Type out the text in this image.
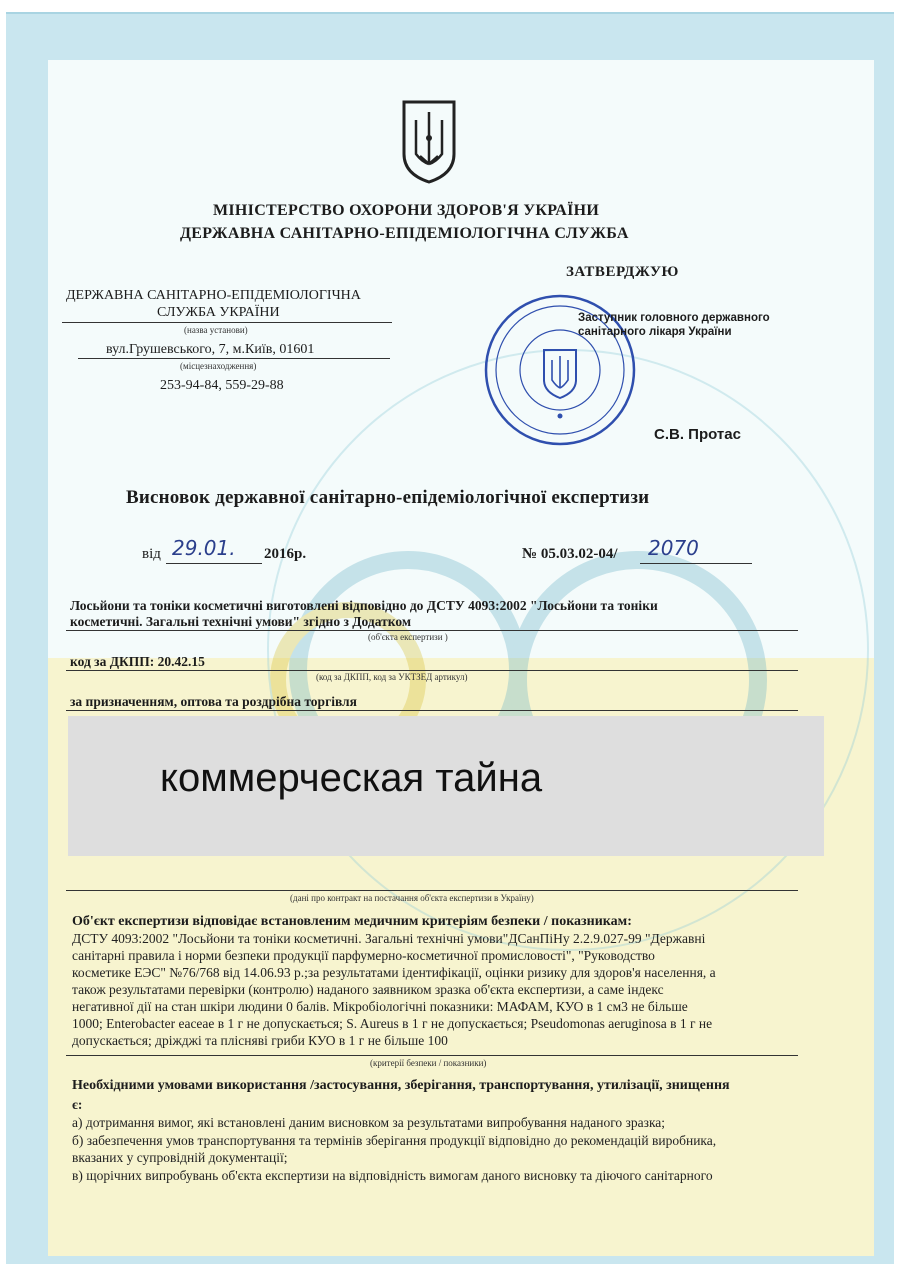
МІНІСТЕРСТВО ОХОРОНИ ЗДОРОВ'Я УКРАЇНИ
ДЕРЖАВНА САНІТАРНО-ЕПІДЕМІОЛОГІЧНА СЛУЖБА
ДЕРЖАВНА САНІТАРНО-ЕПІДЕМІОЛОГІЧНА
СЛУЖБА УКРАЇНИ
(назва установи)
вул.Грушевського, 7, м.Київ, 01601
(місцезнаходження)
253-94-84, 559-29-88
ЗАТВЕРДЖУЮ
Заступник головного державного
санітарного лікаря України
С.В. Протас
Висновок державної санітарно-епідеміологічної експертизи
від 29.01. 2016р.	№ 05.03.02-04/ 2070
Лосьйони та тоніки косметичні виготовлені відповідно до ДСТУ 4093:2002 "Лосьйони та тоніки
косметичні. Загальні технічні умови" згідно з Додатком
(об'єкта експертизи )
код за ДКПП: 20.42.15
(код за ДКПП, код за УКТЗЕД артикул)
за призначенням, оптова та роздрібна торгівля
коммерческая тайна
(дані про контракт на постачання об'єкта експертизи в Україну)
Об'єкт експертизи відповідає встановленим медичним критеріям безпеки / показникам:
ДСТУ 4093:2002 "Лосьйони та тоніки косметичні. Загальні технічні умови"ДСанПіНу 2.2.9.027-99 "Державні
санітарні правила і норми безпеки продукції парфумерно-косметичної промисловості", "Руководство
косметике ЕЭС" №76/768 від 14.06.93 р.;за результатами ідентифікації, оцінки ризику для здоров'я населення, а
також результатами перевірки (контролю) наданого заявником зразка об'єкта експертизи, а саме індекс
негативної дії на стан шкіри людини 0 балів. Мікробіологічні показники: МАФАМ, КУО в 1 см3 не більше
1000; Enterobacter eaceae в 1 г не допускається; S. Aureus в 1 г не допускається; Pseudomonas aeruginosa в 1 г не
допускається; дріжджі та плісняві гриби КУО в 1 г не більше 100
(критерії безпеки / показники)
Необхідними умовами використання /застосування, зберігання, транспортування, утилізації, знищення
є:
а) дотримання вимог, які встановлені даним висновком за результатами випробування наданого зразка;
б) забезпечення умов транспортування та термінів зберігання продукції відповідно до рекомендацій виробника,
вказаних у супровідній документації;
в) щорічних випробувань об'єкта експертизи на відповідність вимогам даного висновку та діючого санітарного
